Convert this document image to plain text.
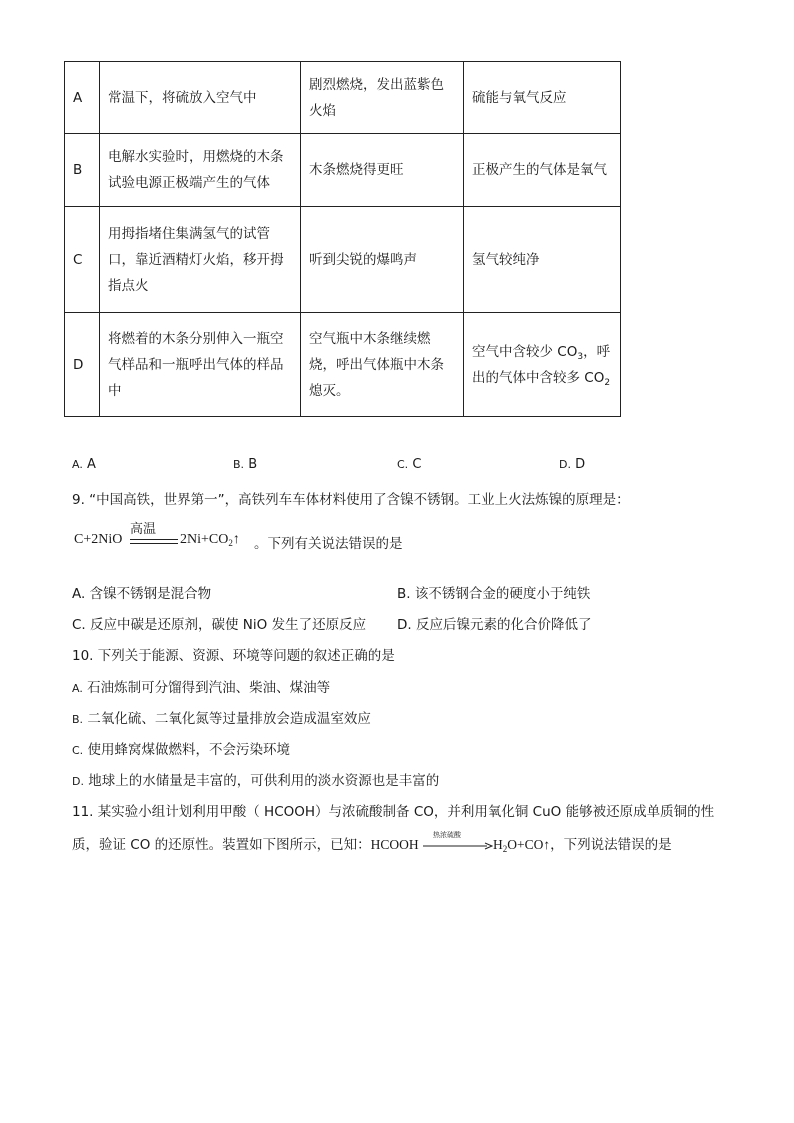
A	常温下，将硫放入空气中	剧烈燃烧，发出蓝紫色火焰	硫能与氧气反应
B	电解水实验时，用燃烧的木条试验电源正极端产生的气体	木条燃烧得更旺	正极产生的气体是氧气
C	用拇指堵住集满氢气的试管口，靠近酒精灯火焰，移开拇指点火	听到尖锐的爆鸣声	氢气较纯净
D	将燃着的木条分别伸入一瓶空气样品和一瓶呼出气体的样品中	空气瓶中木条继续燃烧，呼出气体瓶中木条熄灭。	空气中含较少 $CO_3$，呼出的气体中含较多 $CO_2$
A. A	B. B	C. C	D. D
9. “中国高铁，世界第一”，高铁列车车体材料使用了含镍不锈钢。工业上火法炼镍的原理是：
C+2NiO
高温
$2Ni+CO_2↑$ 。下列有关说法错误的是
A. 含镍不锈钢是混合物	B. 该不锈钢合金的硬度小于纯铁
C. 反应中碳是还原剂，碳使 NiO 发生了还原反应 D. 反应后镍元素的化合价降低了
10. 下列关于能源、资源、环境等问题的叙述正确的是
A. 石油炼制可分馏得到汽油、柴油、煤油等
B. 二氧化硫、二氧化氮等过量排放会造成温室效应
C. 使用蜂窝煤做燃料，不会污染环境
D. 地球上的水储量是丰富的，可供利用的淡水资源也是丰富的
11. 某实验小组计划利用甲酸（ HCOOH）与浓硫酸制备 CO，并利用氧化铜 CuO 能够被还原成单质铜的性
质，验证 CO 的还原性。装置如下图所示，已知：HCOOH
热浓硫酸
$H_2O+CO↑$，下列说法错误的是
